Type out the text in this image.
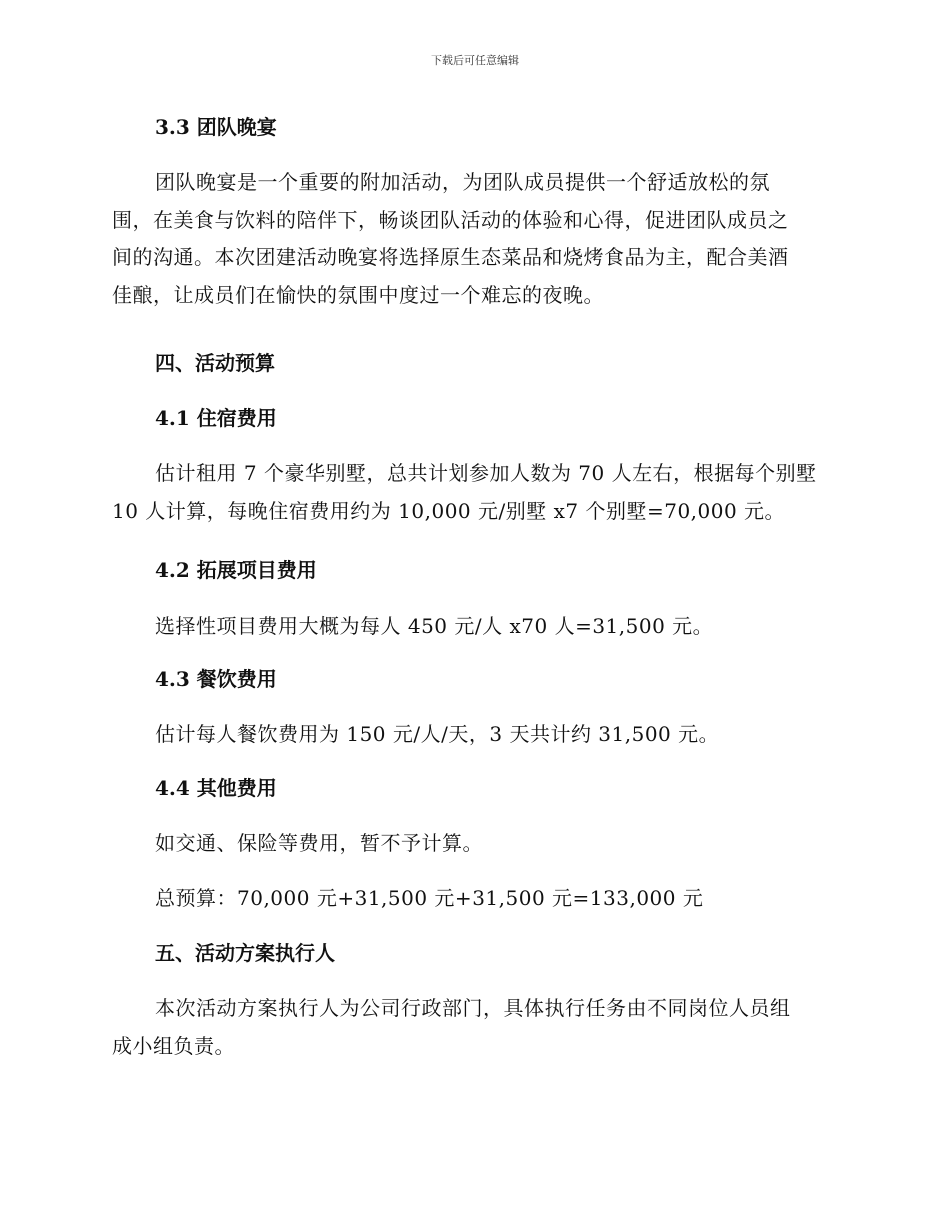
下载后可任意编辑
3.3 团队晚宴
团队晚宴是一个重要的附加活动，为团队成员提供一个舒适放松的氛
围，在美食与饮料的陪伴下，畅谈团队活动的体验和心得，促进团队成员之
间的沟通。本次团建活动晚宴将选择原生态菜品和烧烤食品为主，配合美酒
佳酿，让成员们在愉快的氛围中度过一个难忘的夜晚。
四、活动预算
4.1 住宿费用
估计租用 7 个豪华别墅，总共计划参加人数为 70 人左右，根据每个别墅
10 人计算，每晚住宿费用约为 10,000 元/别墅 x7 个别墅=70,000 元。
4.2 拓展项目费用
选择性项目费用大概为每人 450 元/人 x70 人=31,500 元。
4.3 餐饮费用
估计每人餐饮费用为 150 元/人/天，3 天共计约 31,500 元。
4.4 其他费用
如交通、保险等费用，暂不予计算。
总预算：70,000 元+31,500 元+31,500 元=133,000 元
五、活动方案执行人
本次活动方案执行人为公司行政部门，具体执行任务由不同岗位人员组
成小组负责。
